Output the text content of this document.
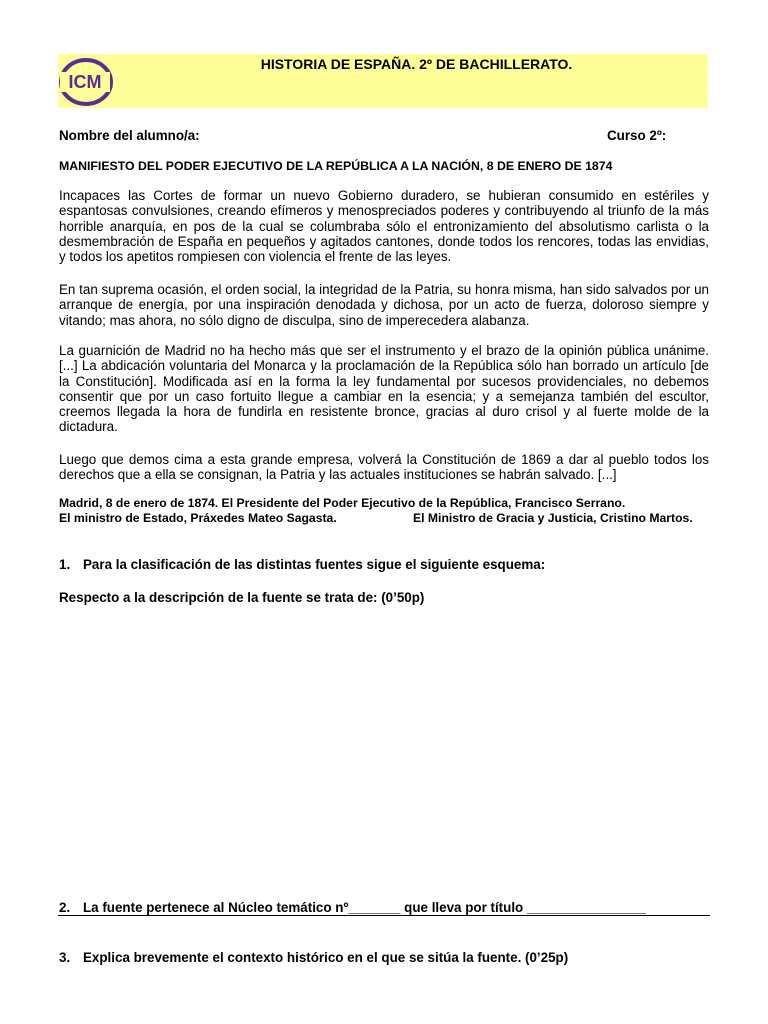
ICM
HISTORIA DE ESPAÑA. 2º DE BACHILLERATO.
Nombre del alumno/a:	Curso 2º:
MANIFIESTO DEL PODER EJECUTIVO DE LA REPÚBLICA A LA NACIÓN, 8 DE ENERO DE 1874

Incapaces las Cortes de formar un nuevo Gobierno duradero, se hubieran consumido en estériles y espantosas convulsiones, creando efímeros y menospreciados poderes y contribuyendo al triunfo de la más horrible anarquía, en pos de la cual se columbraba sólo el entronizamiento del absolutismo carlista o la desmembración de España en pequeños y agitados cantones, donde todos los rencores, todas las envidias, y todos los apetitos rompiesen con violencia el frente de las leyes.

En tan suprema ocasión, el orden social, la integridad de la Patria, su honra misma, han sido salvados por un arranque de energía, por una inspiración denodada y dichosa, por un acto de fuerza, doloroso siempre y vitando; mas ahora, no sólo digno de disculpa, sino de imperecedera alabanza.

La guarnición de Madrid no ha hecho más que ser el instrumento y el brazo de la opinión pública unánime. [...] La abdicación voluntaria del Monarca y la proclamación de la República sólo han borrado un artículo [de la Constitución]. Modificada así en la forma la ley fundamental por sucesos providenciales, no debemos consentir que por un caso fortuito llegue a cambiar en la esencia; y a semejanza también del escultor, creemos llegada la hora de fundirla en resistente bronce, gracias al duro crisol y al fuerte molde de la dictadura.

Luego que demos cima a esta grande empresa, volverá la Constitución de 1869 a dar al pueblo todos los derechos que a ella se consignan, la Patria y las actuales instituciones se habrán salvado. [...]

Madrid, 8 de enero de 1874. El Presidente del Poder Ejecutivo de la República, Francisco Serrano.
El ministro de Estado, Práxedes Mateo Sagasta.	El Ministro de Gracia y Justicia, Cristino Martos.
1. Para la clasificación de las distintas fuentes sigue el siguiente esquema:
Respecto a la descripción de la fuente se trata de: (0’50p)
2. La fuente pertenece al Núcleo temático nº_______ que lleva por título ________________
3. Explica brevemente el contexto histórico en el que se sitúa la fuente. (0’25p)
